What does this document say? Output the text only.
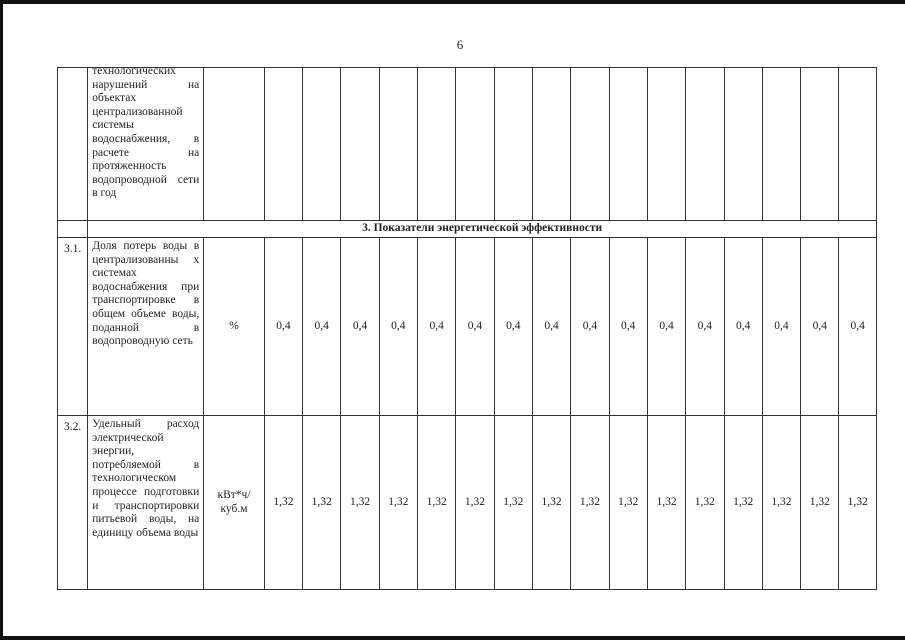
6

	технологических нарушений на объектах централизованной системы водоснабжения, в расчете на протяженность водопроводной сети в год																	

	3. Показатели энергетической эффективности																	
3.1.	Доля потерь воды в централизованны х системах водоснабжения при транспортировке в общем объеме воды, поданной в водопроводную сеть	%	0,4	0,4	0,4	0,4	0,4	0,4	0,4	0,4	0,4	0,4	0,4	0,4	0,4	0,4	0,4	0,4
3.2.	Удельный расход электрической энергии, потребляемой в технологическом процессе подготовки и транспортировки питьевой воды, на единицу объема воды	кВт*ч/ куб.м	1,32	1,32	1,32	1,32	1,32	1,32	1,32	1,32	1,32	1,32	1,32	1,32	1,32	1,32	1,32	1,32
